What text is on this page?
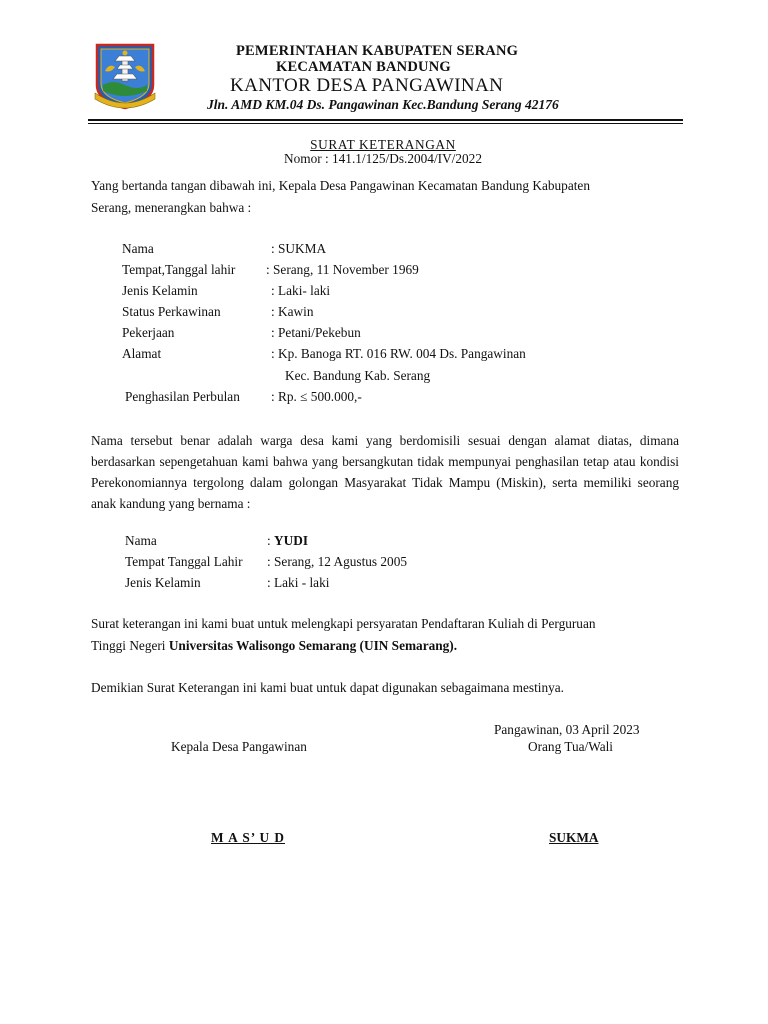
PEMERINTAHAN KABUPATEN SERANG
KECAMATAN BANDUNG
KANTOR DESA PANGAWINAN
Jln. AMD KM.04 Ds. Pangawinan Kec.Bandung Serang 42176
SURAT KETERANGAN
Nomor : 141.1/125/Ds.2004/IV/2022
Yang bertanda tangan dibawah ini, Kepala Desa Pangawinan Kecamatan Bandung Kabupaten
Serang, menerangkan bahwa :
Nama	: SUKMA
Tempat,Tanggal lahir : Serang, 11 November 1969
Jenis Kelamin	: Laki- laki
Status Perkawinan	: Kawin
Pekerjaan	: Petani/Pekebun
Alamat	: Kp. Banoga RT. 016 RW. 004 Ds. Pangawinan
Kec. Bandung Kab. Serang
Penghasilan Perbulan : Rp. ≤ 500.000,-
Nama tersebut benar adalah warga desa kami yang berdomisili sesuai dengan alamat diatas, dimana berdasarkan sepengetahuan kami bahwa yang bersangkutan tidak mempunyai penghasilan tetap atau kondisi Perekonomiannya tergolong dalam golongan Masyarakat Tidak Mampu (Miskin), serta memiliki seorang anak kandung yang bernama :
Nama	: YUDI
Tempat Tanggal Lahir : Serang, 12 Agustus 2005
Jenis Kelamin	: Laki - laki
Surat keterangan ini kami buat untuk melengkapi persyaratan Pendaftaran Kuliah di Perguruan
Tinggi Negeri Universitas Walisongo Semarang (UIN Semarang).
Demikian Surat Keterangan ini kami buat untuk dapat digunakan sebagaimana mestinya.
Pangawinan, 03 April 2023
Kepala Desa Pangawinan	Orang Tua/Wali
M A S’ U D	SUKMA
